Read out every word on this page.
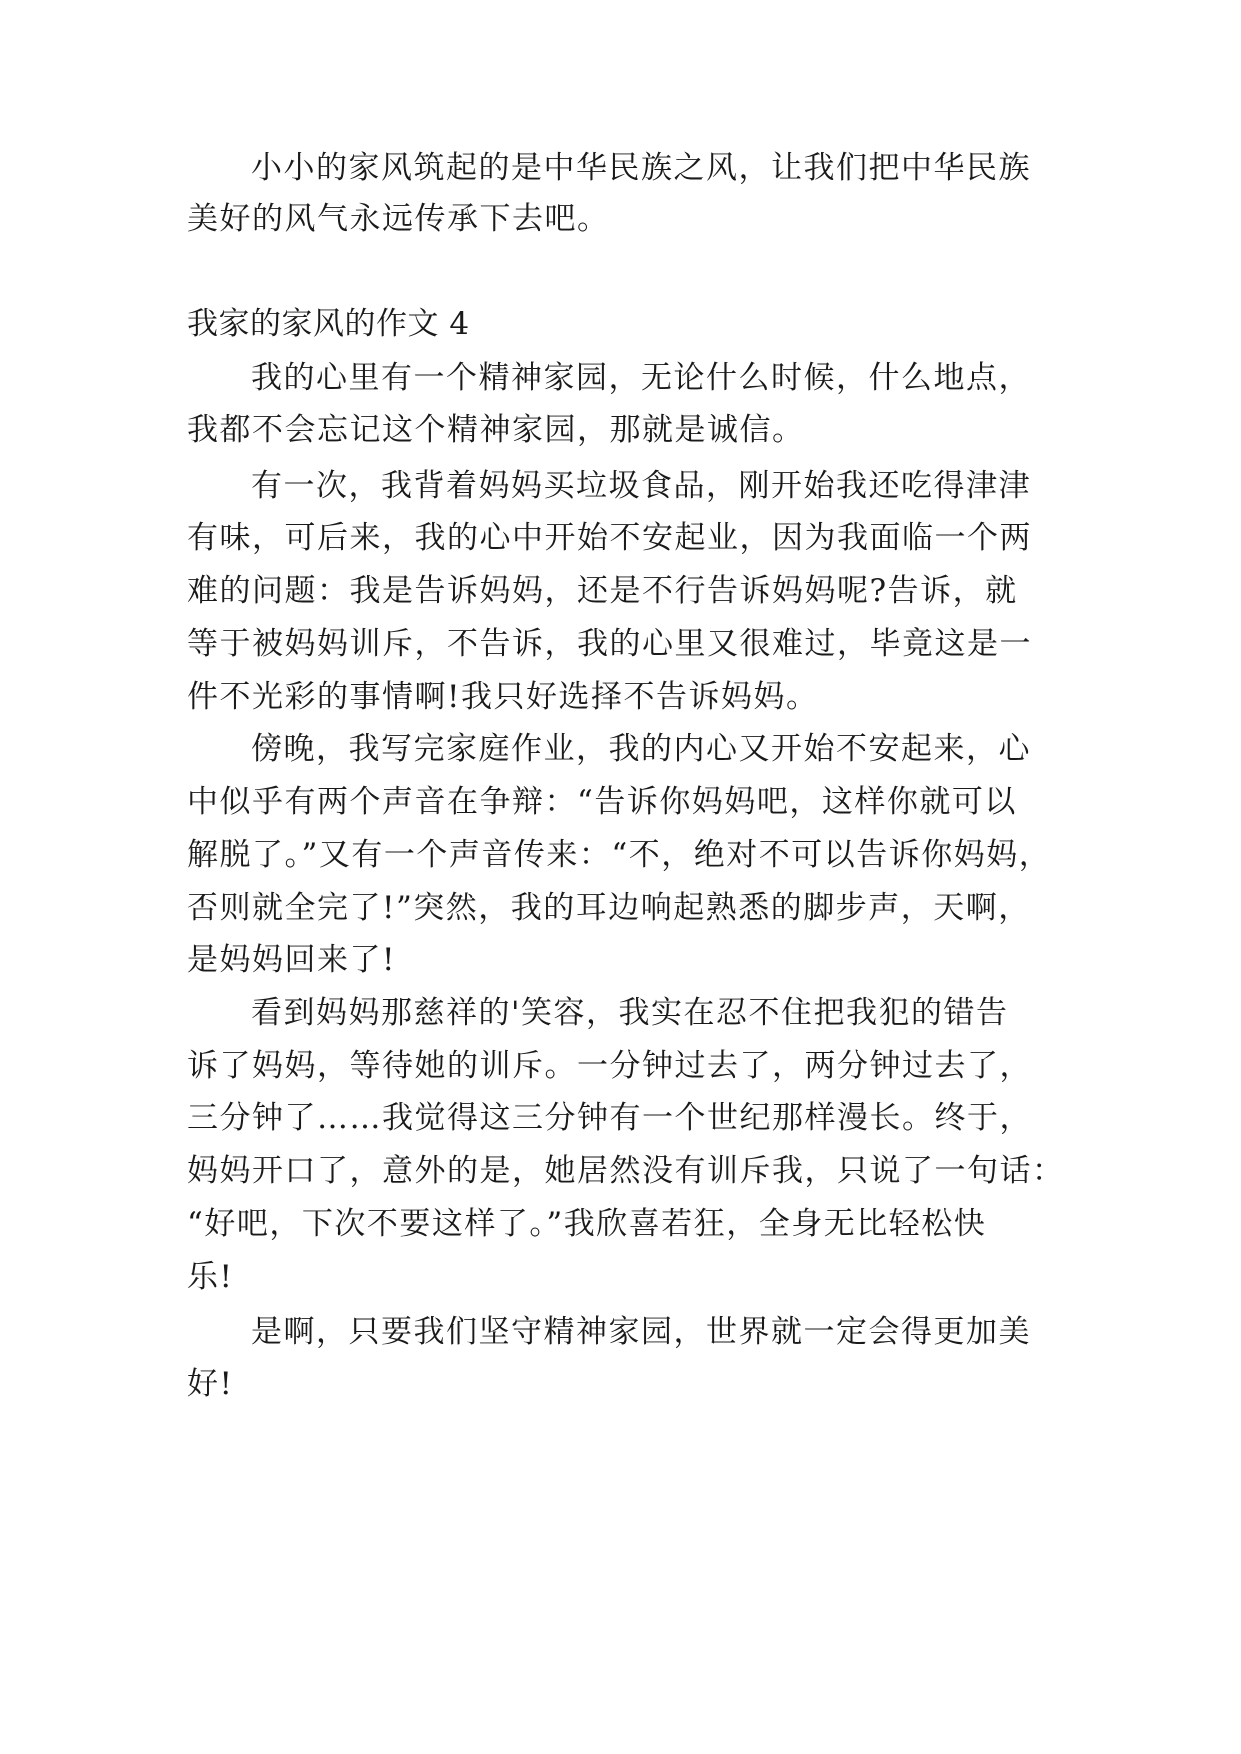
小小的家风筑起的是中华民族之风，让我们把中华民族
美好的风气永远传承下去吧。
我家的家风的作文 4
我的心里有一个精神家园，无论什么时候，什么地点，
我都不会忘记这个精神家园，那就是诚信。
有一次，我背着妈妈买垃圾食品，刚开始我还吃得津津
有味，可后来，我的心中开始不安起业，因为我面临一个两
难的问题：我是告诉妈妈，还是不行告诉妈妈呢?告诉，就
等于被妈妈训斥，不告诉，我的心里又很难过，毕竟这是一
件不光彩的事情啊!我只好选择不告诉妈妈。
傍晚，我写完家庭作业，我的内心又开始不安起来，心
中似乎有两个声音在争辩：“告诉你妈妈吧，这样你就可以
解脱了。”又有一个声音传来：“不，绝对不可以告诉你妈妈，
否则就全完了!”突然，我的耳边响起熟悉的脚步声，天啊，
是妈妈回来了!
看到妈妈那慈祥的'笑容，我实在忍不住把我犯的错告
诉了妈妈，等待她的训斥。一分钟过去了，两分钟过去了，
三分钟了……我觉得这三分钟有一个世纪那样漫长。终于，
妈妈开口了，意外的是，她居然没有训斥我，只说了一句话：
“好吧，下次不要这样了。”我欣喜若狂，全身无比轻松快
乐!
是啊，只要我们坚守精神家园，世界就一定会得更加美
好!
